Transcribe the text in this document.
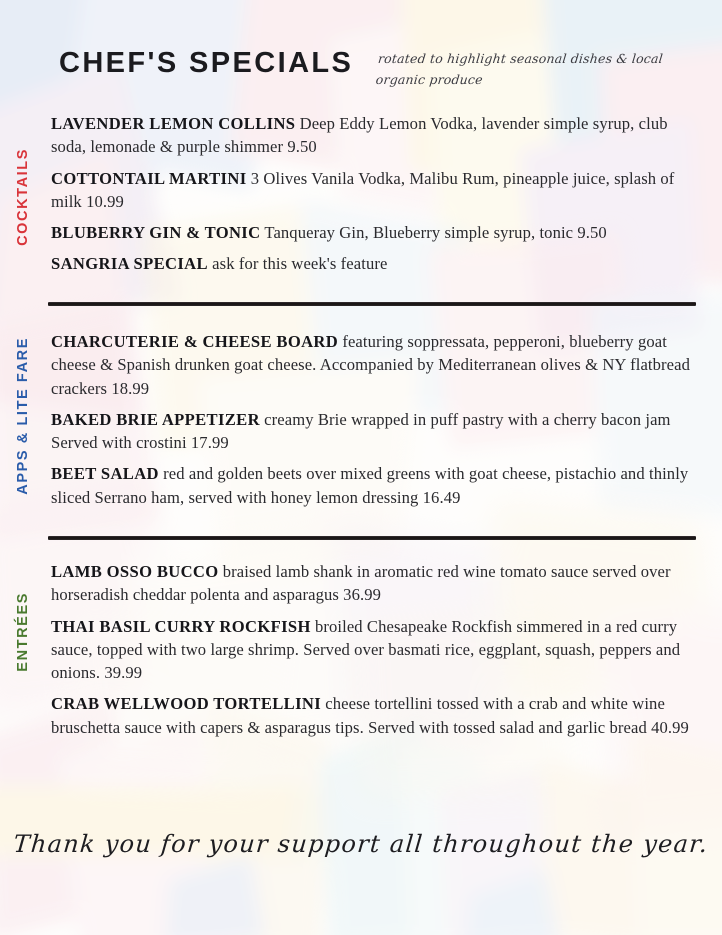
CHEF'S SPECIALS rotated to highlight seasonal dishes & local organic produce
COCKTAILS
LAVENDER LEMON COLLINS Deep Eddy Lemon Vodka, lavender simple syrup, club soda, lemonade & purple shimmer 9.50
COTTONTAIL MARTINI 3 Olives Vanila Vodka, Malibu Rum, pineapple juice, splash of milk 10.99
BLUBERRY GIN & TONIC Tanqueray Gin, Blueberry simple syrup, tonic 9.50
SANGRIA SPECIAL ask for this week's feature
APPS & LITE FARE CHARCUTERIE & CHEESE BOARD featuring soppressata, pepperoni, blueberry goat cheese & Spanish drunken goat cheese. Accompanied by Mediterranean olives & NY flatbread crackers 18.99
BAKED BRIE APPETIZER creamy Brie wrapped in puff pastry with a cherry bacon jam Served with crostini 17.99
BEET SALAD red and golden beets over mixed greens with goat cheese, pistachio and thinly sliced Serrano ham, served with honey lemon dressing 16.49
ENTRÉES
LAMB OSSO BUCCO braised lamb shank in aromatic red wine tomato sauce served over horseradish cheddar polenta and asparagus 36.99
THAI BASIL CURRY ROCKFISH broiled Chesapeake Rockfish simmered in a red curry sauce, topped with two large shrimp. Served over basmati rice, eggplant, squash, peppers and onions. 39.99
CRAB WELLWOOD TORTELLINI cheese tortellini tossed with a crab and white wine bruschetta sauce with capers & asparagus tips. Served with tossed salad and garlic bread 40.99
Thank you for your support all throughout the year.
